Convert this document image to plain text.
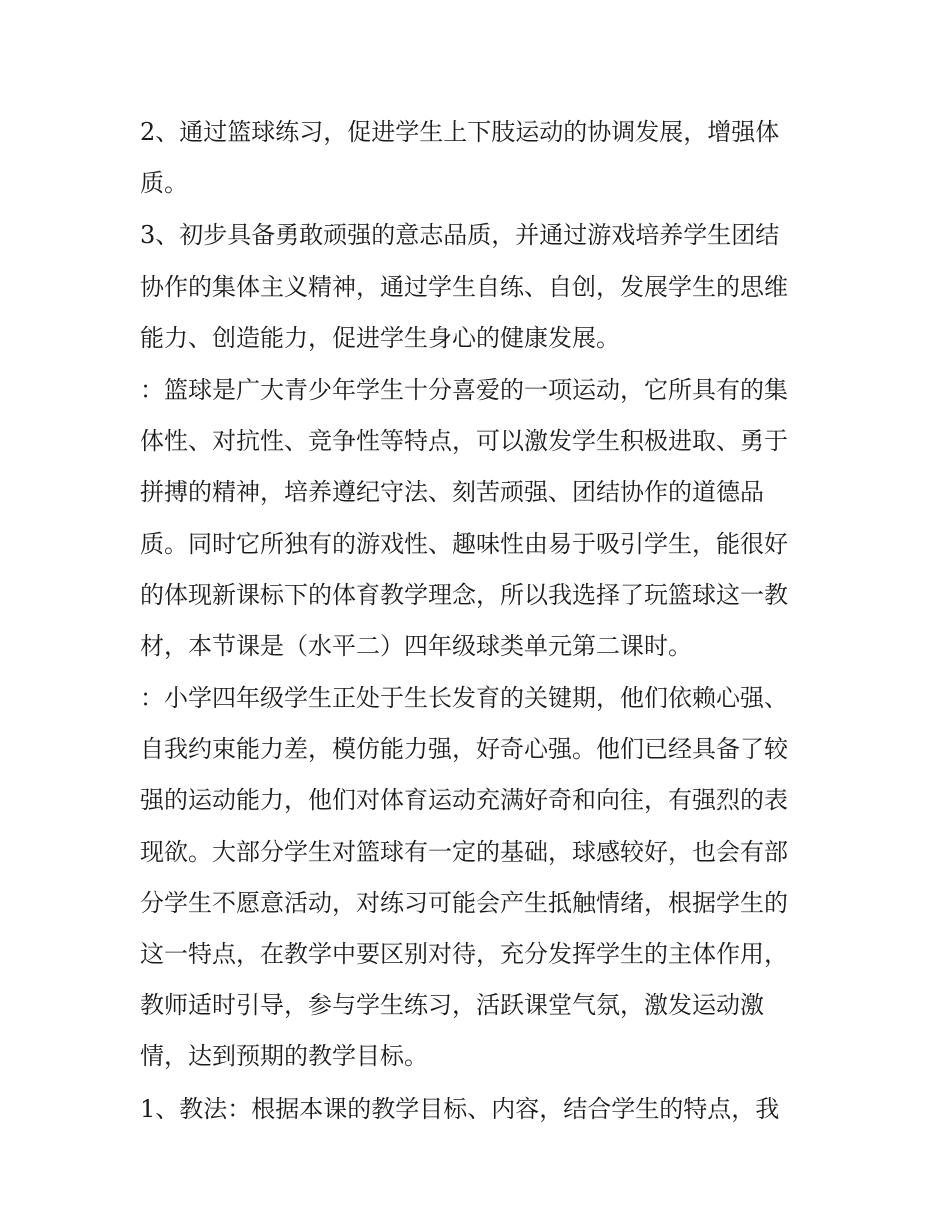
2、通过篮球练习，促进学生上下肢运动的协调发展，增强体
质。

3、初步具备勇敢顽强的意志品质，并通过游戏培养学生团结
协作的集体主义精神，通过学生自练、自创，发展学生的思维
能力、创造能力，促进学生身心的健康发展。

：篮球是广大青少年学生十分喜爱的一项运动，它所具有的集
体性、对抗性、竞争性等特点，可以激发学生积极进取、勇于
拼搏的精神，培养遵纪守法、刻苦顽强、团结协作的道德品
质。同时它所独有的游戏性、趣味性由易于吸引学生，能很好
的体现新课标下的体育教学理念，所以我选择了玩篮球这一教
材，本节课是（水平二）四年级球类单元第二课时。

：小学四年级学生正处于生长发育的关键期，他们依赖心强、
自我约束能力差，模仿能力强，好奇心强。他们已经具备了较
强的运动能力，他们对体育运动充满好奇和向往，有强烈的表
现欲。大部分学生对篮球有一定的基础，球感较好，也会有部
分学生不愿意活动，对练习可能会产生抵触情绪，根据学生的
这一特点，在教学中要区别对待，充分发挥学生的主体作用，
教师适时引导，参与学生练习，活跃课堂气氛，激发运动激
情，达到预期的教学目标。

1、教法：根据本课的教学目标、内容，结合学生的特点，我
